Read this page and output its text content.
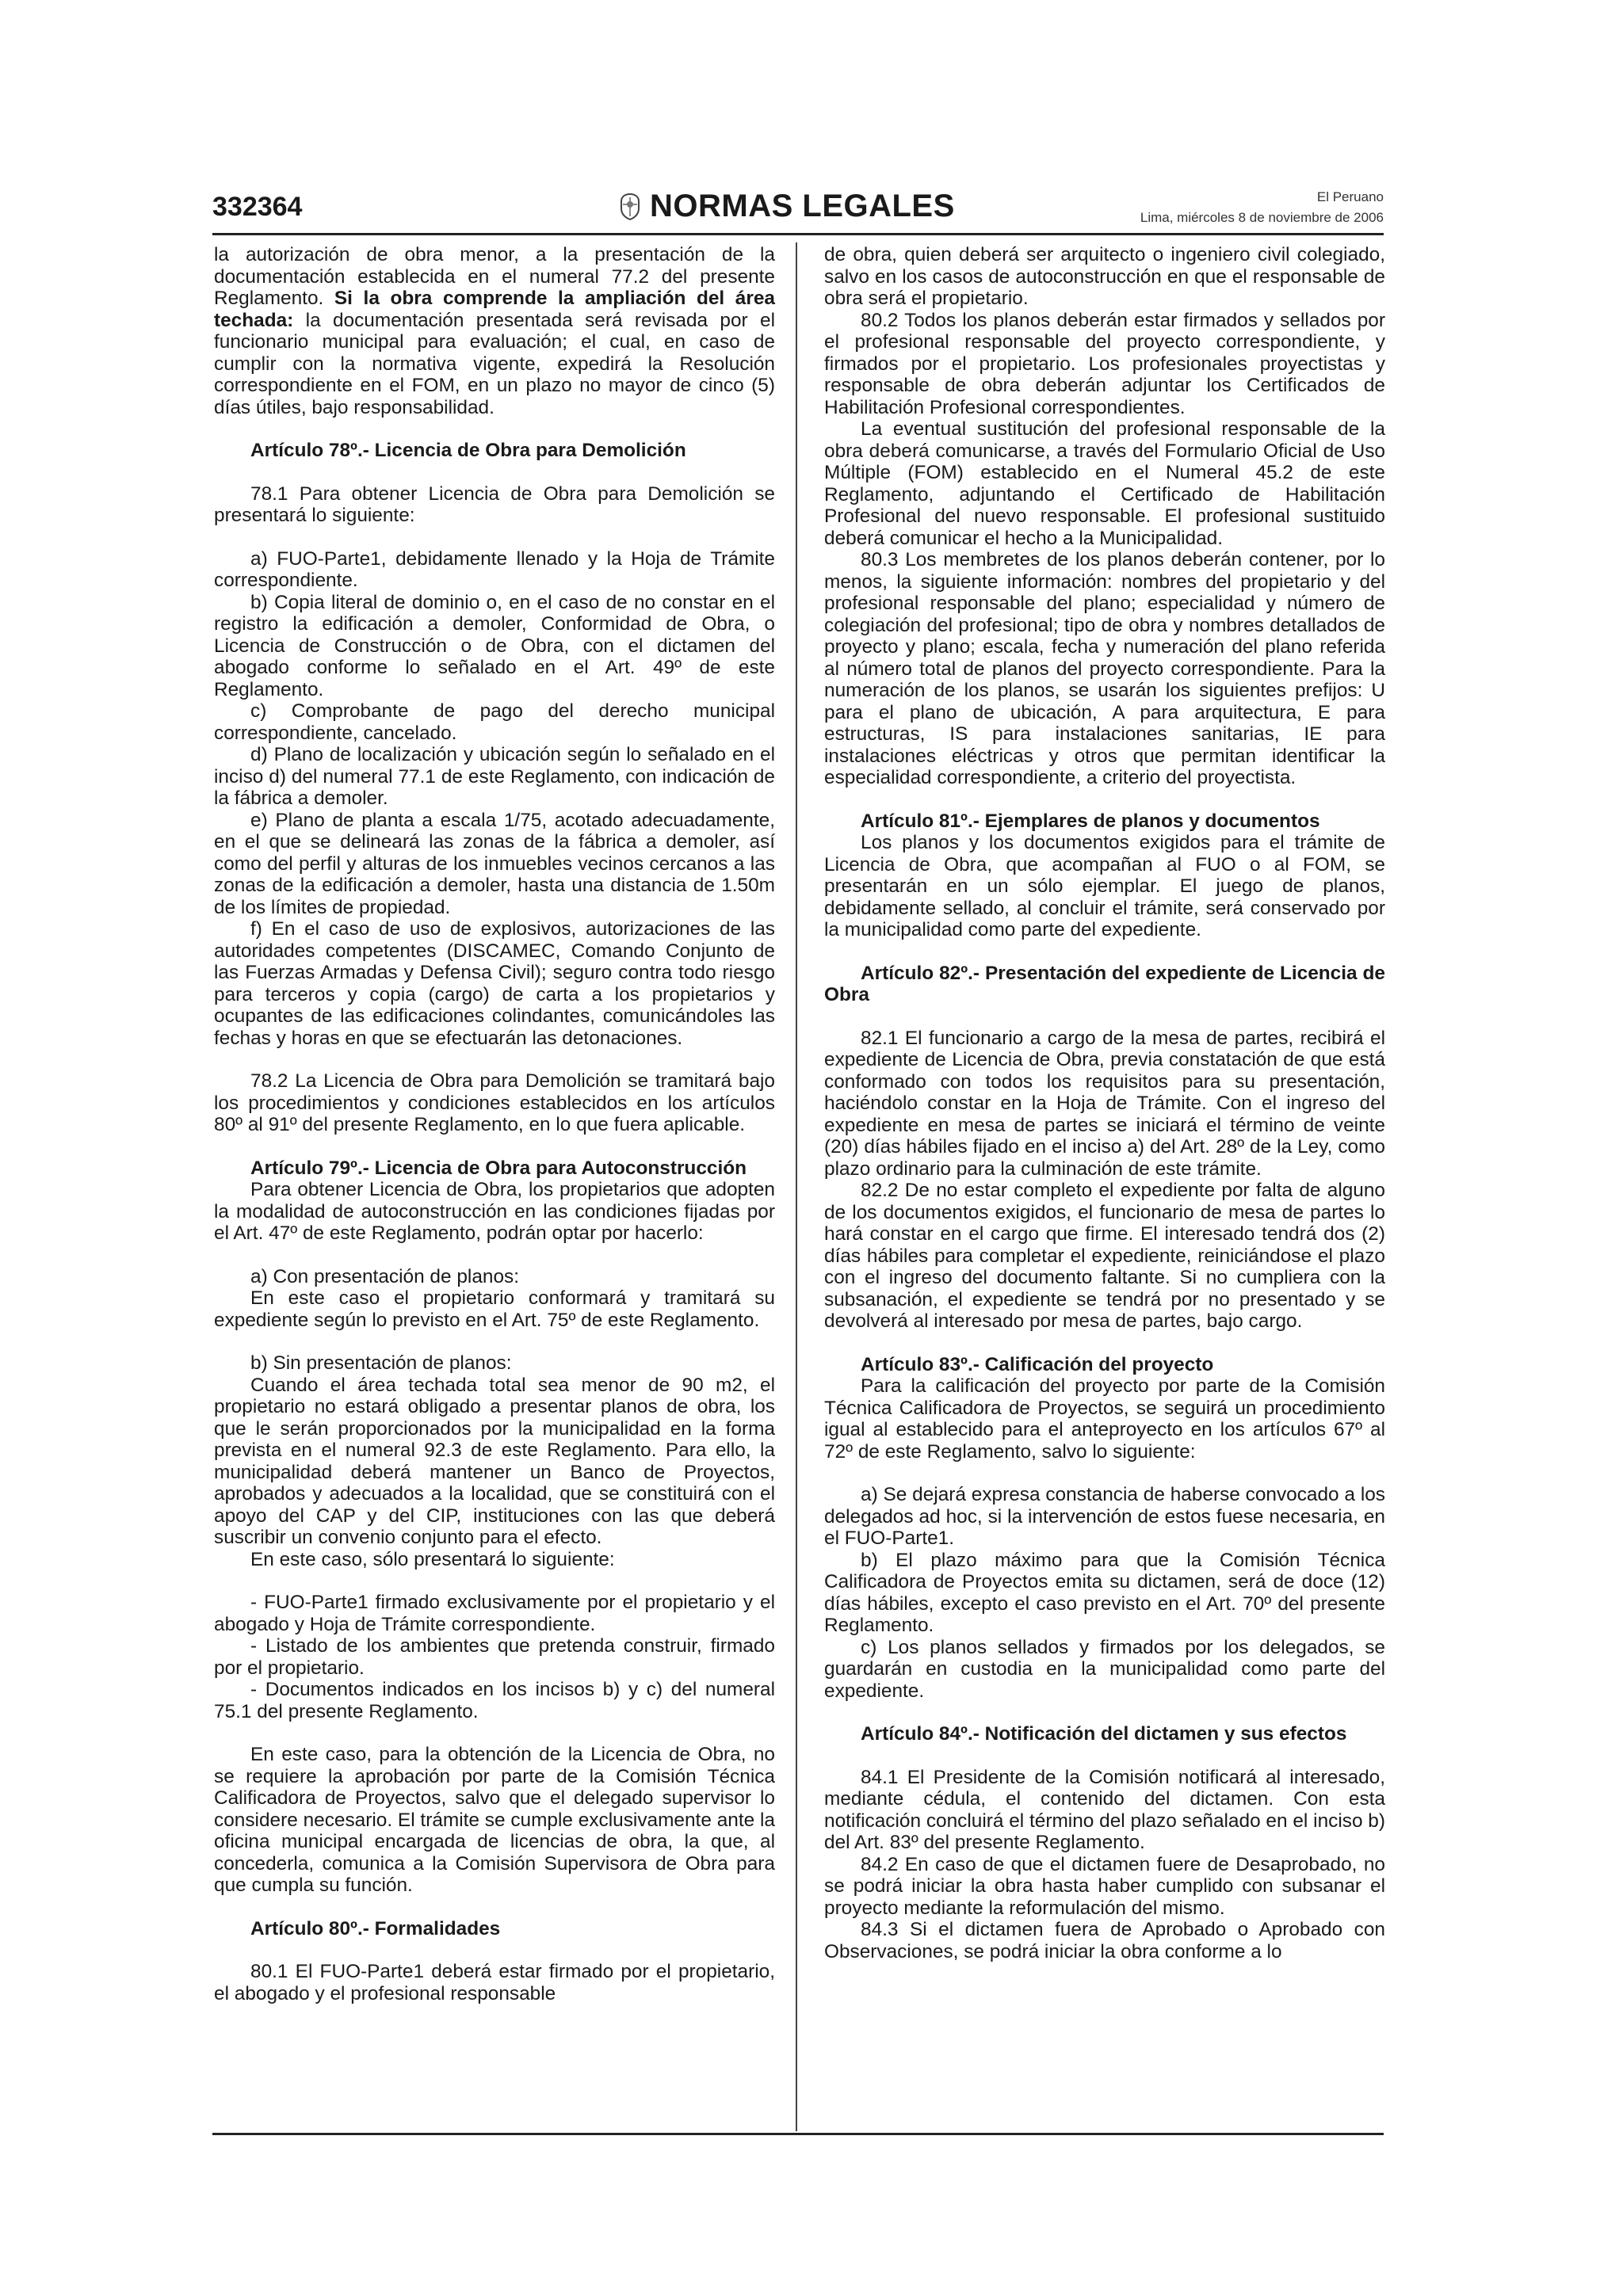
332364	NORMAS LEGALES	El Peruano
Lima, miércoles 8 de noviembre de 2006

la autorización de obra menor, a la presentación de la documentación establecida en el numeral 77.2 del presente Reglamento. Si la obra comprende la ampliación del área techada: la documentación presentada será revisada por el funcionario municipal para evaluación; el cual, en caso de cumplir con la normativa vigente, expedirá la Resolución correspondiente en el FOM, en un plazo no mayor de cinco (5) días útiles, bajo responsabilidad.

Artículo 78º.- Licencia de Obra para Demolición

78.1 Para obtener Licencia de Obra para Demolición se presentará lo siguiente:

a) FUO-Parte1, debidamente llenado y la Hoja de Trámite correspondiente.

b) Copia literal de dominio o, en el caso de no constar en el registro la edificación a demoler, Conformidad de Obra, o Licencia de Construcción o de Obra, con el dictamen del abogado conforme lo señalado en el Art. 49º de este Reglamento.

c) Comprobante de pago del derecho municipal correspondiente, cancelado.

d) Plano de localización y ubicación según lo señalado en el inciso d) del numeral 77.1 de este Reglamento, con indicación de la fábrica a demoler.

e) Plano de planta a escala 1/75, acotado adecuadamente, en el que se delineará las zonas de la fábrica a demoler, así como del perfil y alturas de los inmuebles vecinos cercanos a las zonas de la edificación a demoler, hasta una distancia de 1.50m de los límites de propiedad.

f) En el caso de uso de explosivos, autorizaciones de las autoridades competentes (DISCAMEC, Comando Conjunto de las Fuerzas Armadas y Defensa Civil); seguro contra todo riesgo para terceros y copia (cargo) de carta a los propietarios y ocupantes de las edificaciones colindantes, comunicándoles las fechas y horas en que se efectuarán las detonaciones.

78.2 La Licencia de Obra para Demolición se tramitará bajo los procedimientos y condiciones establecidos en los artículos 80º al 91º del presente Reglamento, en lo que fuera aplicable.

Artículo 79º.- Licencia de Obra para Autoconstrucción

Para obtener Licencia de Obra, los propietarios que adopten la modalidad de autoconstrucción en las condiciones fijadas por el Art. 47º de este Reglamento, podrán optar por hacerlo:

a) Con presentación de planos:

En este caso el propietario conformará y tramitará su expediente según lo previsto en el Art. 75º de este Reglamento.

b) Sin presentación de planos:

Cuando el área techada total sea menor de 90 m2, el propietario no estará obligado a presentar planos de obra, los que le serán proporcionados por la municipalidad en la forma prevista en el numeral 92.3 de este Reglamento. Para ello, la municipalidad deberá mantener un Banco de Proyectos, aprobados y adecuados a la localidad, que se constituirá con el apoyo del CAP y del CIP, instituciones con las que deberá suscribir un convenio conjunto para el efecto.

En este caso, sólo presentará lo siguiente:

- FUO-Parte1 firmado exclusivamente por el propietario y el abogado y Hoja de Trámite correspondiente.

- Listado de los ambientes que pretenda construir, firmado por el propietario.

- Documentos indicados en los incisos b) y c) del numeral 75.1 del presente Reglamento.

En este caso, para la obtención de la Licencia de Obra, no se requiere la aprobación por parte de la Comisión Técnica Calificadora de Proyectos, salvo que el delegado supervisor lo considere necesario. El trámite se cumple exclusivamente ante la oficina municipal encargada de licencias de obra, la que, al concederla, comunica a la Comisión Supervisora de Obra para que cumpla su función.

Artículo 80º.- Formalidades

80.1 El FUO-Parte1 deberá estar firmado por el propietario, el abogado y el profesional responsable

de obra, quien deberá ser arquitecto o ingeniero civil colegiado, salvo en los casos de autoconstrucción en que el responsable de obra será el propietario.

80.2 Todos los planos deberán estar firmados y sellados por el profesional responsable del proyecto correspondiente, y firmados por el propietario. Los profesionales proyectistas y responsable de obra deberán adjuntar los Certificados de Habilitación Profesional correspondientes.

La eventual sustitución del profesional responsable de la obra deberá comunicarse, a través del Formulario Oficial de Uso Múltiple (FOM) establecido en el Numeral 45.2 de este Reglamento, adjuntando el Certificado de Habilitación Profesional del nuevo responsable. El profesional sustituido deberá comunicar el hecho a la Municipalidad.

80.3 Los membretes de los planos deberán contener, por lo menos, la siguiente información: nombres del propietario y del profesional responsable del plano; especialidad y número de colegiación del profesional; tipo de obra y nombres detallados de proyecto y plano; escala, fecha y numeración del plano referida al número total de planos del proyecto correspondiente. Para la numeración de los planos, se usarán los siguientes prefijos: U para el plano de ubicación, A para arquitectura, E para estructuras, IS para instalaciones sanitarias, IE para instalaciones eléctricas y otros que permitan identificar la especialidad correspondiente, a criterio del proyectista.

Artículo 81º.- Ejemplares de planos y documentos

Los planos y los documentos exigidos para el trámite de Licencia de Obra, que acompañan al FUO o al FOM, se presentarán en un sólo ejemplar. El juego de planos, debidamente sellado, al concluir el trámite, será conservado por la municipalidad como parte del expediente.

Artículo 82º.- Presentación del expediente de Licencia de Obra

82.1 El funcionario a cargo de la mesa de partes, recibirá el expediente de Licencia de Obra, previa constatación de que está conformado con todos los requisitos para su presentación, haciéndolo constar en la Hoja de Trámite. Con el ingreso del expediente en mesa de partes se iniciará el término de veinte (20) días hábiles fijado en el inciso a) del Art. 28º de la Ley, como plazo ordinario para la culminación de este trámite.

82.2 De no estar completo el expediente por falta de alguno de los documentos exigidos, el funcionario de mesa de partes lo hará constar en el cargo que firme. El interesado tendrá dos (2) días hábiles para completar el expediente, reiniciándose el plazo con el ingreso del documento faltante. Si no cumpliera con la subsanación, el expediente se tendrá por no presentado y se devolverá al interesado por mesa de partes, bajo cargo.

Artículo 83º.- Calificación del proyecto

Para la calificación del proyecto por parte de la Comisión Técnica Calificadora de Proyectos, se seguirá un procedimiento igual al establecido para el anteproyecto en los artículos 67º al 72º de este Reglamento, salvo lo siguiente:

a) Se dejará expresa constancia de haberse convocado a los delegados ad hoc, si la intervención de estos fuese necesaria, en el FUO-Parte1.

b) El plazo máximo para que la Comisión Técnica Calificadora de Proyectos emita su dictamen, será de doce (12) días hábiles, excepto el caso previsto en el Art. 70º del presente Reglamento.

c) Los planos sellados y firmados por los delegados, se guardarán en custodia en la municipalidad como parte del expediente.

Artículo 84º.- Notificación del dictamen y sus efectos

84.1 El Presidente de la Comisión notificará al interesado, mediante cédula, el contenido del dictamen. Con esta notificación concluirá el término del plazo señalado en el inciso b) del Art. 83º del presente Reglamento.

84.2 En caso de que el dictamen fuere de Desaprobado, no se podrá iniciar la obra hasta haber cumplido con subsanar el proyecto mediante la reformulación del mismo.

84.3 Si el dictamen fuera de Aprobado o Aprobado con Observaciones, se podrá iniciar la obra conforme a lo
